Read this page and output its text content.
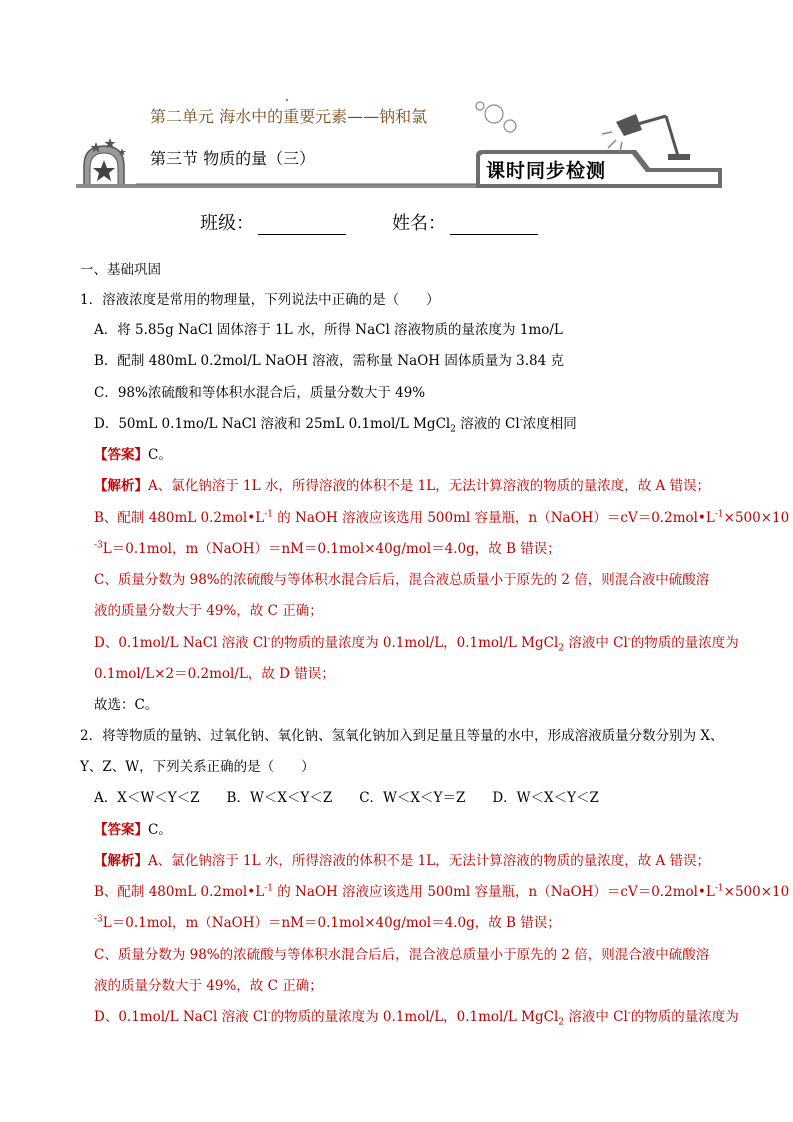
第二单元 海水中的重要元素——钠和氯
第三节 物质的量（三）
课时同步检测
班级：	姓名：
一、基础巩固
1．溶液浓度是常用的物理量，下列说法中正确的是（　　）
A．将 5.85g NaCl 固体溶于 1L 水，所得 NaCl 溶液物质的量浓度为 1mo/L
B．配制 480mL 0.2mol/L NaOH 溶液，需称量 NaOH 固体质量为 3.84 克
C．98%浓硫酸和等体积水混合后，质量分数大于 49%
D．50mL 0.1mo/L NaCl 溶液和 25mL 0.1mol/L MgCl$_2$ 溶液的 Cl-浓度相同
【答案】C。
【解析】A、氯化钠溶于 1L 水，所得溶液的体积不是 1L，无法计算溶液的物质的量浓度，故 A 错误；
B、配制 480mL $0.2mol•L^{-1}$ 的 NaOH 溶液应该选用 500ml 容量瓶，$n(NaOH)=cV=0.2mol•L^{-1}\times 500\times 10$
$^{-3}$L＝0.1mol，m（NaOH）＝nM＝0.1mol×40g/mol＝4.0g，故 B 错误；
C、质量分数为 98%的浓硫酸与等体积水混合后后，混合液总质量小于原先的 2 倍，则混合液中硫酸溶
液的质量分数大于 49%，故 C 正确；
D、0.1mol/L NaCl 溶液 Cl-的物质的量浓度为 0.1mol/L，0.1mol/L MgCl$_2$ 溶液中 Cl-的物质的量浓度为
0.1mol/L×2＝0.2mol/L，故 D 错误；
故选：C。
2．将等物质的量钠、过氧化钠、氧化钠、氢氧化钠加入到足量且等量的水中，形成溶液质量分数分别为 X、
Y、Z、W，下列关系正确的是（　　）
A．X＜W＜Y＜Z　　B．W＜X＜Y＜Z　　C．W＜X＜Y＝Z　　D．W＜X＜Y＜Z
【答案】C。
【解析】A、氯化钠溶于 1L 水，所得溶液的体积不是 1L，无法计算溶液的物质的量浓度，故 A 错误；
B、配制 480mL $0.2mol•L^{-1}$ 的 NaOH 溶液应该选用 500ml 容量瓶，$n(NaOH)=cV=0.2mol•L^{-1}\times 500\times 10$
$^{-3}$L＝0.1mol，m（NaOH）＝nM＝0.1mol×40g/mol＝4.0g，故 B 错误；
C、质量分数为 98%的浓硫酸与等体积水混合后后，混合液总质量小于原先的 2 倍，则混合液中硫酸溶
液的质量分数大于 49%，故 C 正确；
D、0.1mol/L NaCl 溶液 Cl-的物质的量浓度为 0.1mol/L，0.1mol/L MgCl$_2$ 溶液中 Cl-的物质的量浓度为
